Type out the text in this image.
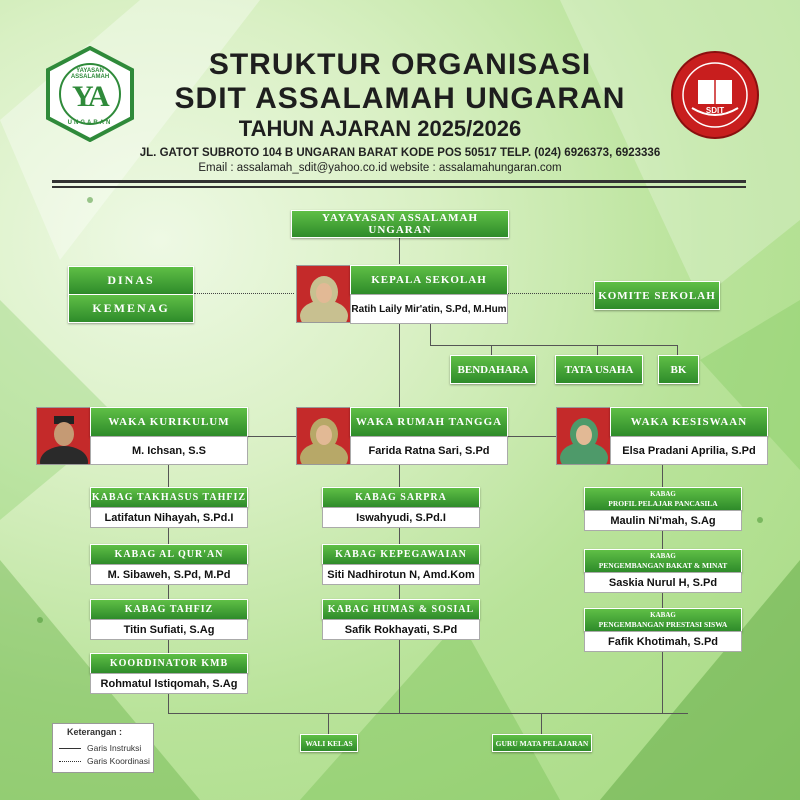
Y
A
YAYASAN ASSALAMAH
UNGARAN
SDIT
STRUKTUR ORGANISASI
SDIT ASSALAMAH UNGARAN
TAHUN AJARAN 2025/2026
JL. GATOT SUBROTO 104 B UNGARAN BARAT KODE POS 50517 TELP. (024) 6926373, 6923336
Email : assalamah_sdit@yahoo.co.id website : assalamahungaran.com
YAYAYASAN ASSALAMAH UNGARAN
DINAS
KEMENAG
KOMITE SEKOLAH
KEPALA SEKOLAH
Ratih Laily Mir'atin, S.Pd, M.Hum
BENDAHARA	TATA USAHA	BK
WAKA KURIKULUM
M. Ichsan, S.S
WAKA RUMAH TANGGA
Farida Ratna Sari, S.Pd
WAKA KESISWAAN
Elsa Pradani Aprilia, S.Pd
KABAG TAKHASUS TAHFIZ
Latifatun Nihayah, S.Pd.I
KABAG AL QUR'AN
M. Sibaweh, S.Pd, M.Pd
KABAG TAHFIZ
Titin Sufiati, S.Ag
KOORDINATOR KMB
Rohmatul Istiqomah, S.Ag
KABAG SARPRA
Iswahyudi, S.Pd.I
KABAG KEPEGAWAIAN
Siti Nadhirotun N, Amd.Kom
KABAG HUMAS & SOSIAL
Safik Rokhayati, S.Pd
KABAG
PROFIL PELAJAR PANCASILA
Maulin Ni'mah, S.Ag
KABAG
PENGEMBANGAN BAKAT & MINAT
Saskia Nurul H, S.Pd
KABAG
PENGEMBANGAN PRESTASI SISWA
Fafik Khotimah, S.Pd
WALI KELAS	GURU MATA PELAJARAN
Keterangan :
Garis Instruksi
Garis Koordinasi
